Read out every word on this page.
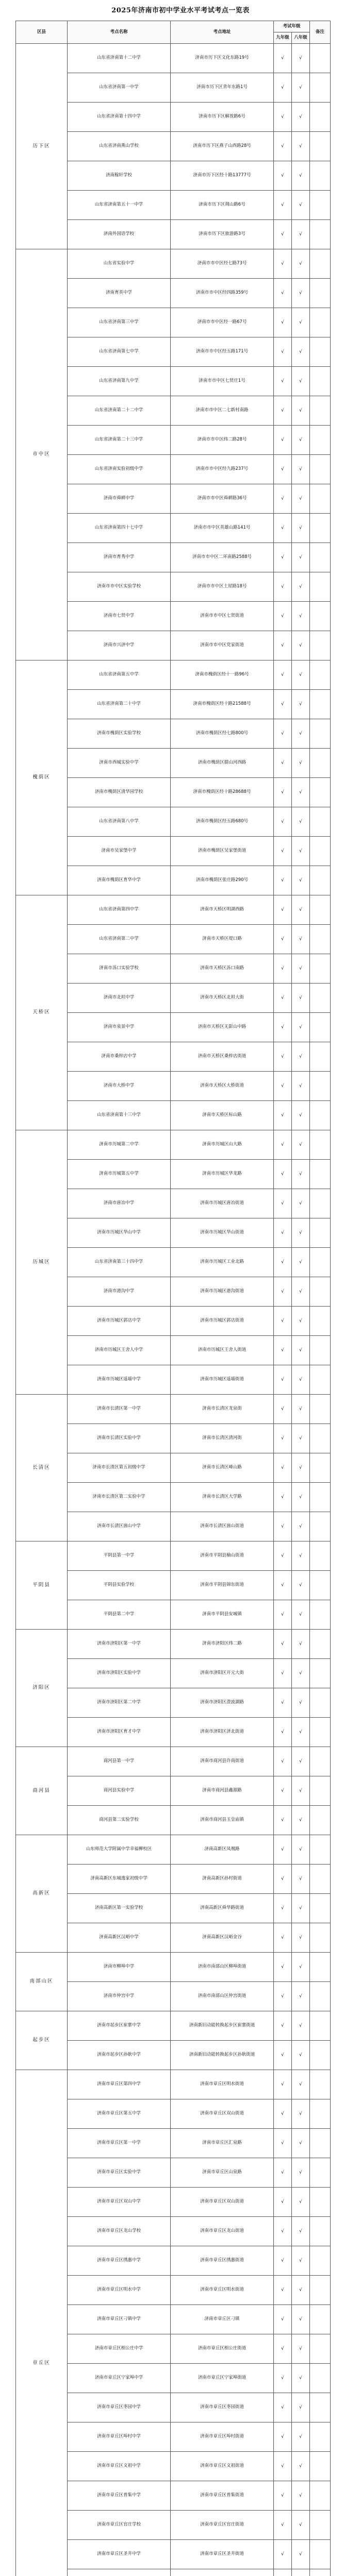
2025年济南市初中学业水平考试考点一览表
区县	考点名称	考点地址	考试年级		备注
			九年级	八年级	
历下区	山东省济南第十二中学	济南市历下区文化东路19号	√	√	
	山东省济南第一中学	济南市历下区青年东路1号	√	√	
	山东省济南第十四中学	济南市历下区解放路6号	√	√	
	山东省济南燕山学校	济南市历下区燕子山西路28号	√	√	
	济南稼轩学校	济南市历下区经十路13777号	√	√	
	山东省济南第五十一中学	济南市历下区荆山路6号	√	√	
	济南外国语学校	济南市历下区旅游路3号	√	√	
市中区	山东省实验中学	济南市市中区经七路73号	√	√	
	济南育英中学	济南市市中区经四路359号	√	√	
	山东省济南第三中学	济南市市中区经一路67号	√	√	
	山东省济南第七中学	济南市市中区经五路171号	√	√	
	山东省济南第九中学	济南市市中区七贤庄1号	√	√	
	山东省济南第二十二中学	济南市市中区二七新村南路	√	√	
	山东省济南第二十三中学	济南市市中区纬二路28号	√	√	
	山东省济南实验初级中学	济南市市中区经九路237号	√	√	
	济南市舜耕中学	济南市市中区舜耕路36号	√	√	
	山东省济南第四十七中学	济南市市中区英雄山路141号	√	√	
	济南市育秀中学	济南市市中区二环南路2588号	√	√	
	济南市市中区实验学校	济南市市中区土屋路18号	√	√	
	济南市七贤中学	济南市市中区七贤街道	√	√	
	济南市兴济中学	济南市市中区党家街道	√	√	
槐荫区	山东省济南第五中学	济南市槐荫区经十一路96号	√	√	
	山东省济南第二十中学	济南市槐荫区经十路21588号	√	√	
	济南市槐荫区实验学校	济南市槐荫区经七路800号	√	√	
	济南市西城实验中学	济南市槐荫区腊山河西路	√	√	
	济南市槐荫区清华园学校	济南市槐荫区经十路28688号	√	√	
	山东省济南第八中学	济南市槐荫区经五路680号	√	√	
	济南市吴家堡中学	济南市槐荫区吴家堡街道	√	√	
	济南市槐荫区育华中学	济南市槐荫区张庄路290号	√	√	
天桥区	山东省济南第四中学	济南市天桥区明湖西路	√	√	
	山东省济南第二中学	济南市天桥区堤口路	√	√	
	济南市泺口实验学校	济南市天桥区泺口南路	√	√	
	济南市北坦中学	济南市天桥区北坦大街	√	√	
	济南市泉景中学	济南市天桥区无影山中路	√	√	
	济南市桑梓店中学	济南市天桥区桑梓店街道	√	√	
	济南市大桥中学	济南市天桥区大桥街道	√	√	
	山东省济南第十三中学	济南市天桥区标山路	√	√	
历城区	济南市历城第二中学	济南市历城区山大路	√	√	
	济南市历城第五中学	济南市历城区华龙路	√	√	
	济南市唐冶中学	济南市历城区唐冶街道	√	√	
	济南市历城区华山中学	济南市历城区华山街道	√	√	
	山东省济南第三十四中学	济南市历城区工业北路	√	√	
	济南市港沟中学	济南市历城区港沟街道	√	√	
	济南市历城区郭店中学	济南市历城区郭店街道	√	√	
	济南市历城区王舍人中学	济南市历城区王舍人街道	√	√	
	济南市历城区遥墙中学	济南市历城区遥墙街道	√	√	
长清区	济南市长清区第一中学	济南市长清区龙泉街	√	√	
	济南市长清区实验中学	济南市长清区清河街	√	√	
	济南市长清区第五初级中学	济南市长清区峰山路	√	√	
	济南市长清区第二实验中学	济南市长清区大学路	√	√	
	济南市长清区崮山中学	济南市长清区崮山街道	√	√	
平阴县	平阴县第一中学	济南市平阴县榆山街道	√	√	
	平阴县实验学校	济南市平阴县锦东街道	√	√	
	平阴县第二中学	济南市平阴县安城镇	√	√	
济阳区	济南市济阳区第一中学	济南市济阳区纬二路	√	√	
	济南市济阳区实验中学	济南市济阳区开元大街	√	√	
	济南市济阳区第二中学	济南市济阳区澄波湖路	√	√	
	济南市济阳区育才中学	济南市济阳区济北街道	√	√	
商河县	商河县第一中学	济南市商河县许商街道	√	√	
	商河县实验中学	济南市商河县鑫源路	√	√	
	商河县第二实验学校	济南市商河县玉皇庙镇	√	√	
高新区	山东师范大学附属中学幸福柳校区	济南高新区凤凰路	√	√	
	济南高新区东城逸家初级中学	济南高新区孙村街道	√	√	
	济南高新区第一实验学校	济南高新区舜华路街道	√	√	
	济南高新区汉峪中学	济南高新区汉峪金谷	√	√	
南部山区	济南市柳埠中学	济南市南部山区柳埠街道	√	√	
	济南市仲宫中学	济南市南部山区仲宫街道	√	√	
起步区	济南市起步区崔寨中学	济南新旧动能转换起步区崔寨街道	√	√	
	济南市起步区孙耿中学	济南新旧动能转换起步区孙耿街道	√	√	
章丘区	济南市章丘区第四中学	济南市章丘区明水街道	√	√	
	济南市章丘区第五中学	济南市章丘区双山街道	√	√	
	济南市章丘区第一中学	济南市章丘区汇泉路	√	√	
	济南市章丘区实验中学	济南市章丘区山泉路	√	√	
	济南市章丘区双山中学	济南市章丘区双山街道	√	√	
	济南市章丘区龙山学校	济南市章丘区龙山街道	√	√	
	济南市章丘区绣惠中学	济南市章丘区绣惠街道	√	√	
	济南市章丘区明水中学	济南市章丘区明水街道	√	√	
	济南市章丘区刁镇中学	济南市章丘区刁镇	√	√	
	济南市章丘区相公庄中学	济南市章丘区相公庄街道	√	√	
	济南市章丘区宁家埠中学	济南市章丘区宁家埠街道	√	√	
	济南市章丘区枣园中学	济南市章丘区枣园街道	√	√	
	济南市章丘区埠村中学	济南市章丘区埠村街道	√	√	
	济南市章丘区文祖中学	济南市章丘区文祖街道	√	√	
	济南市章丘区普集中学	济南市章丘区普集街道	√	√	
	济南市章丘区官庄学校	济南市章丘区官庄街道	√	√	
	济南市章丘区圣井中学	济南市章丘区圣井街道	√	√	
